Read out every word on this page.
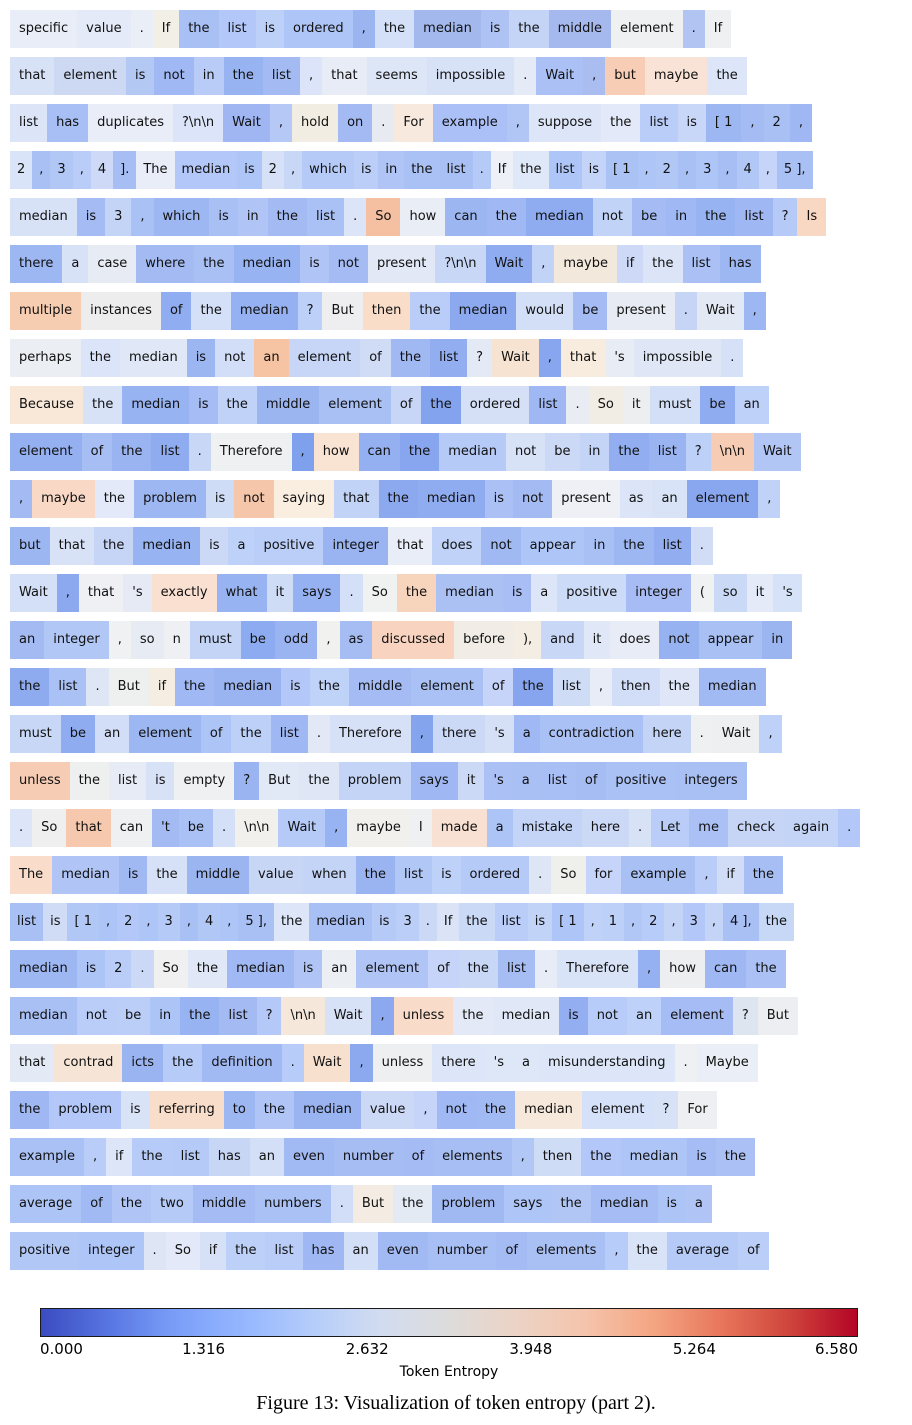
specific	value	.	If	the	list	is	ordered	,	the	median	is	the	middle	element	.	If
that	element	is	not	in	the	list	,	that	seems	impossible	.	Wait	,	but	maybe	the
list	has	duplicates	?\n\n	Wait	,	hold	on	.	For	example	,	suppose	the	list	is	[ 1	,	2	,
2	,	3	,	4	].	The	median	is	2	,	which	is	in	the	list	.	If	the	list	is	[ 1	,	2	,	3	,	4	,	5 ],
median	is	3	,	which	is	in	the	list	.	So	how	can	the	median	not	be	in	the	list	?	Is
there	a	case	where	the	median	is	not	present	?\n\n	Wait	,	maybe	if	the	list	has
multiple	instances	of	the	median	?	But	then	the	median	would	be	present	.	Wait	,
perhaps	the	median	is	not	an	element	of	the	list	?	Wait	,	that	's	impossible	.
Because	the	median	is	the	middle	element	of	the	ordered	list	.	So	it	must	be	an
element	of	the	list	.	Therefore	,	how	can	the	median	not	be	in	the	list	?	\n\n	Wait
,	maybe	the	problem	is	not	saying	that	the	median	is	not	present	as	an	element	,
but	that	the	median	is	a	positive	integer	that	does	not	appear	in	the	list	.
Wait	,	that	's	exactly	what	it	says	.	So	the	median	is	a	positive	integer	(	so	it	's
an	integer	,	so	n	must	be	odd	,	as	discussed	before	),	and	it	does	not	appear	in
the	list	.	But	if	the	median	is	the	middle	element	of	the	list	,	then	the	median
must	be	an	element	of	the	list	.	Therefore	,	there	's	a	contradiction	here	.	Wait	,
unless	the	list	is	empty	?	But	the	problem	says	it	's	a	list	of	positive	integers
.	So	that	can	't	be	.	\n\n	Wait	,	maybe	I	made	a	mistake	here	.	Let	me	check	again	.
The	median	is	the	middle	value	when	the	list	is	ordered	.	So	for	example	,	if	the
list	is	[ 1	,	2	,	3	,	4	,	5 ],	the	median	is	3	.	If	the	list	is	[ 1	,	1	,	2	,	3	,	4 ],	the
median	is	2	.	So	the	median	is	an	element	of	the	list	.	Therefore	,	how	can	the
median	not	be	in	the	list	?	\n\n	Wait	,	unless	the	median	is	not	an	element	?	But
that	contrad	icts	the	definition	.	Wait	,	unless	there	's	a	misunderstanding	.	Maybe
the	problem	is	referring	to	the	median	value	,	not	the	median	element	?	For
example	,	if	the	list	has	an	even	number	of	elements	,	then	the	median	is	the
average	of	the	two	middle	numbers	.	But	the	problem	says	the	median	is	a
positive	integer	.	So	if	the	list	has	an	even	number	of	elements	,	the	average	of
0.000	1.316	2.632	3.948	5.264	6.580
Token Entropy
Figure 13: Visualization of token entropy (part 2).
